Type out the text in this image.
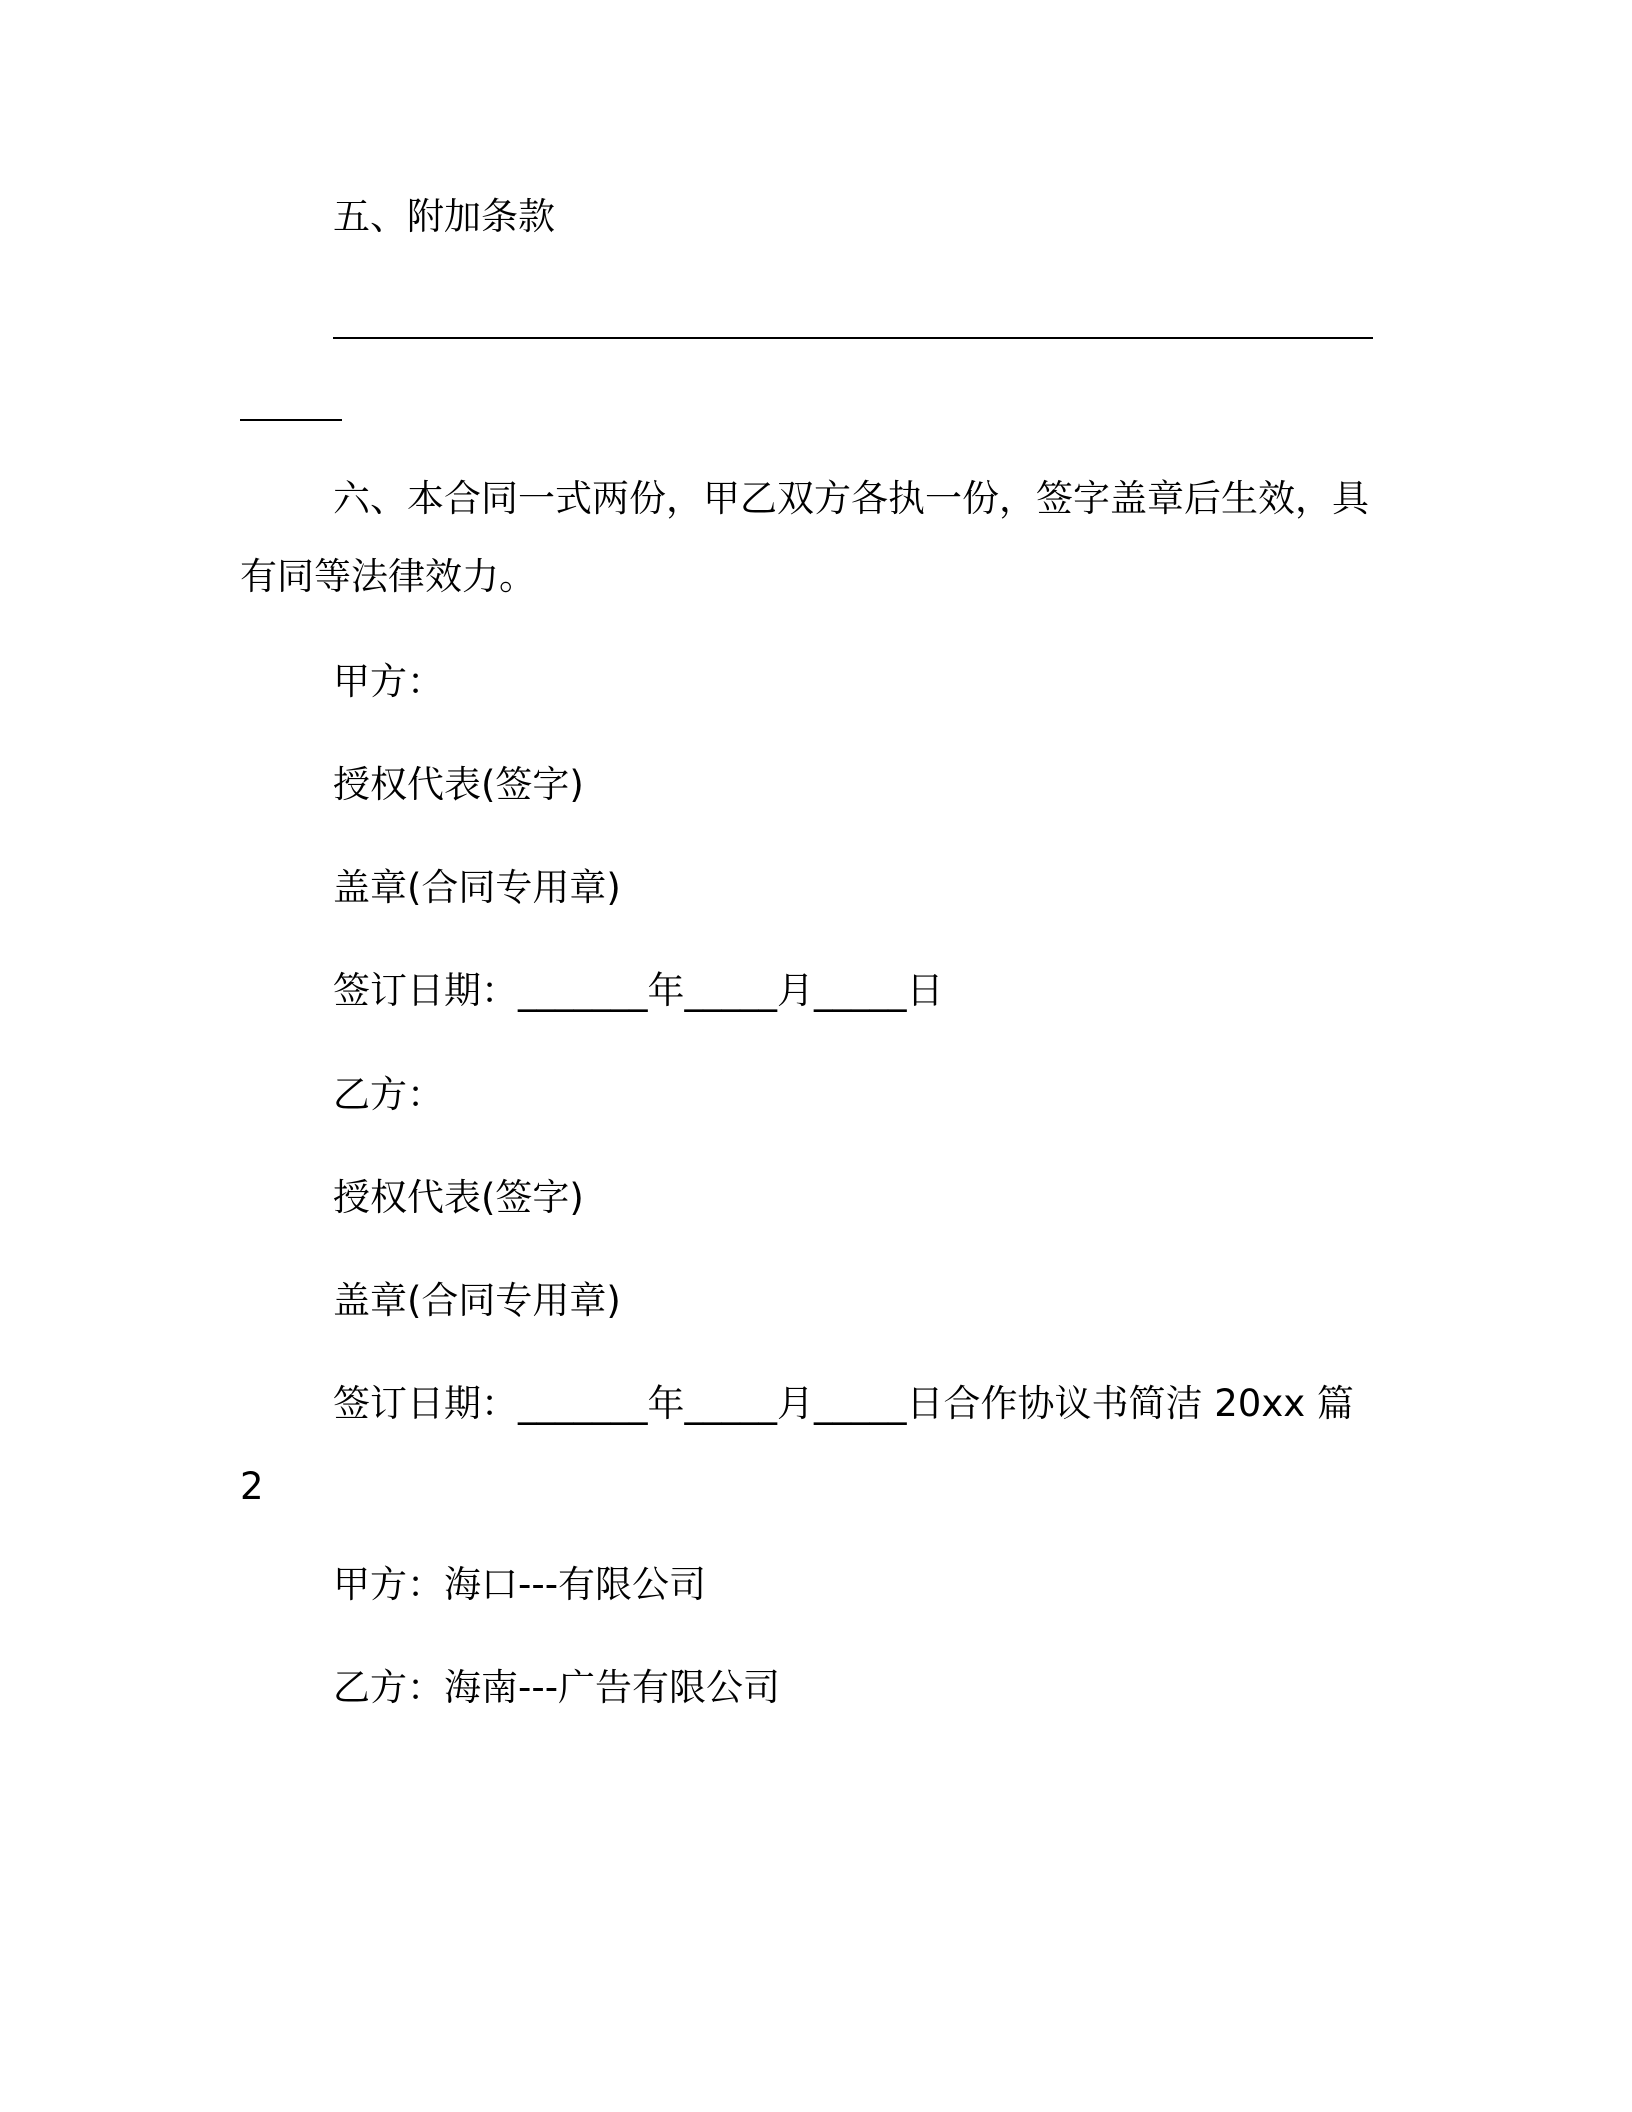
五、附加条款

六、本合同一式两份，甲乙双方各执一份，签字盖章后生效，具

有同等法律效力。

甲方：

授权代表(签字)

盖章(合同专用章)

签订日期：_______年_____月_____日

乙方：

授权代表(签字)

盖章(合同专用章)

签订日期：_______年_____月_____日合作协议书简洁 20xx 篇

2

甲方：海口---有限公司

乙方：海南---广告有限公司
